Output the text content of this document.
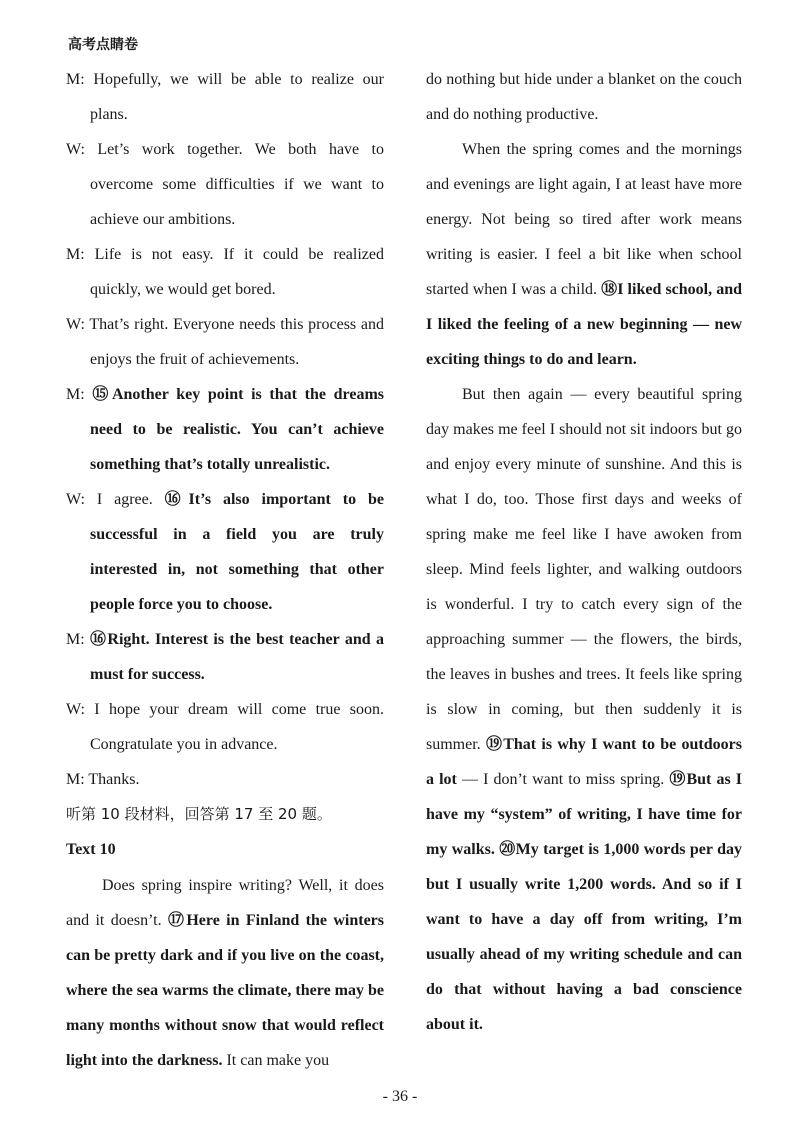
高考点睛卷

M: Hopefully, we will be able to realize our plans.

W: Let’s work together. We both have to overcome some difficulties if we want to achieve our ambitions.

M: Life is not easy. If it could be realized quickly, we would get bored.

W: That’s right. Everyone needs this process and enjoys the fruit of achievements.

M: ⑮Another key point is that the dreams need to be realistic. You can’t achieve something that’s totally unrealistic.

W: I agree. ⑯It’s also important to be successful in a field you are truly interested in, not something that other people force you to choose.

M: ⑯Right. Interest is the best teacher and a must for success.

W: I hope your dream will come true soon. Congratulate you in advance.

M: Thanks.

听第 10 段材料，回答第 17 至 20 题。

Text 10

Does spring inspire writing? Well, it does and it doesn’t. ⑰Here in Finland the winters can be pretty dark and if you live on the coast, where the sea warms the climate, there may be many months without snow that would reflect light into the darkness. It can make you

do nothing but hide under a blanket on the couch and do nothing productive.

When the spring comes and the mornings and evenings are light again, I at least have more energy. Not being so tired after work means writing is easier. I feel a bit like when school started when I was a child. ⑱I liked school, and I liked the feeling of a new beginning — new exciting things to do and learn.

But then again — every beautiful spring day makes me feel I should not sit indoors but go and enjoy every minute of sunshine. And this is what I do, too. Those first days and weeks of spring make me feel like I have awoken from sleep. Mind feels lighter, and walking outdoors is wonderful. I try to catch every sign of the approaching summer — the flowers, the birds, the leaves in bushes and trees. It feels like spring is slow in coming, but then suddenly it is summer. ⑲That is why I want to be outdoors a lot — I don’t want to miss spring. ⑲But as I have my “system” of writing, I have time for my walks. ⑳My target is 1,000 words per day but I usually write 1,200 words. And so if I want to have a day off from writing, I’m usually ahead of my writing schedule and can do that without having a bad conscience about it.

- 36 -
